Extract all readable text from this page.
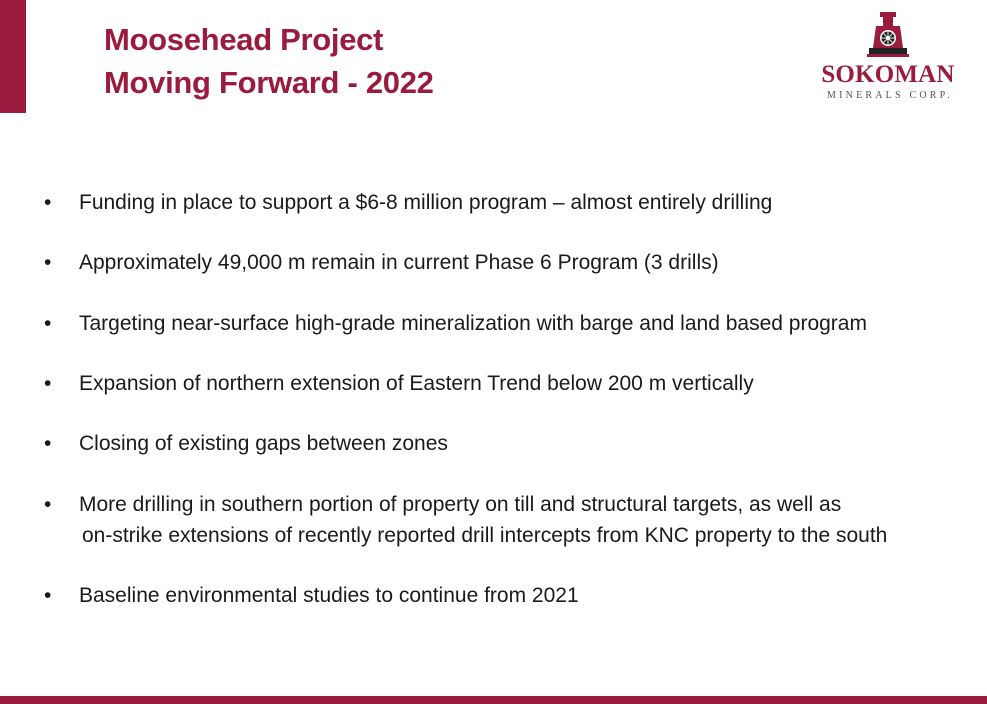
Moosehead Project
Moving Forward - 2022	SOKOMAN
MINERALS CORP.
• Funding in place to support a $6-8 million program – almost entirely drilling
• Approximately 49,000 m remain in current Phase 6 Program (3 drills)
• Targeting near-surface high-grade mineralization with barge and land based program
• Expansion of northern extension of Eastern Trend below 200 m vertically
• Closing of existing gaps between zones
• More drilling in southern portion of property on till and structural targets, as well as
on-strike extensions of recently reported drill intercepts from KNC property to the south
• Baseline environmental studies to continue from 2021
